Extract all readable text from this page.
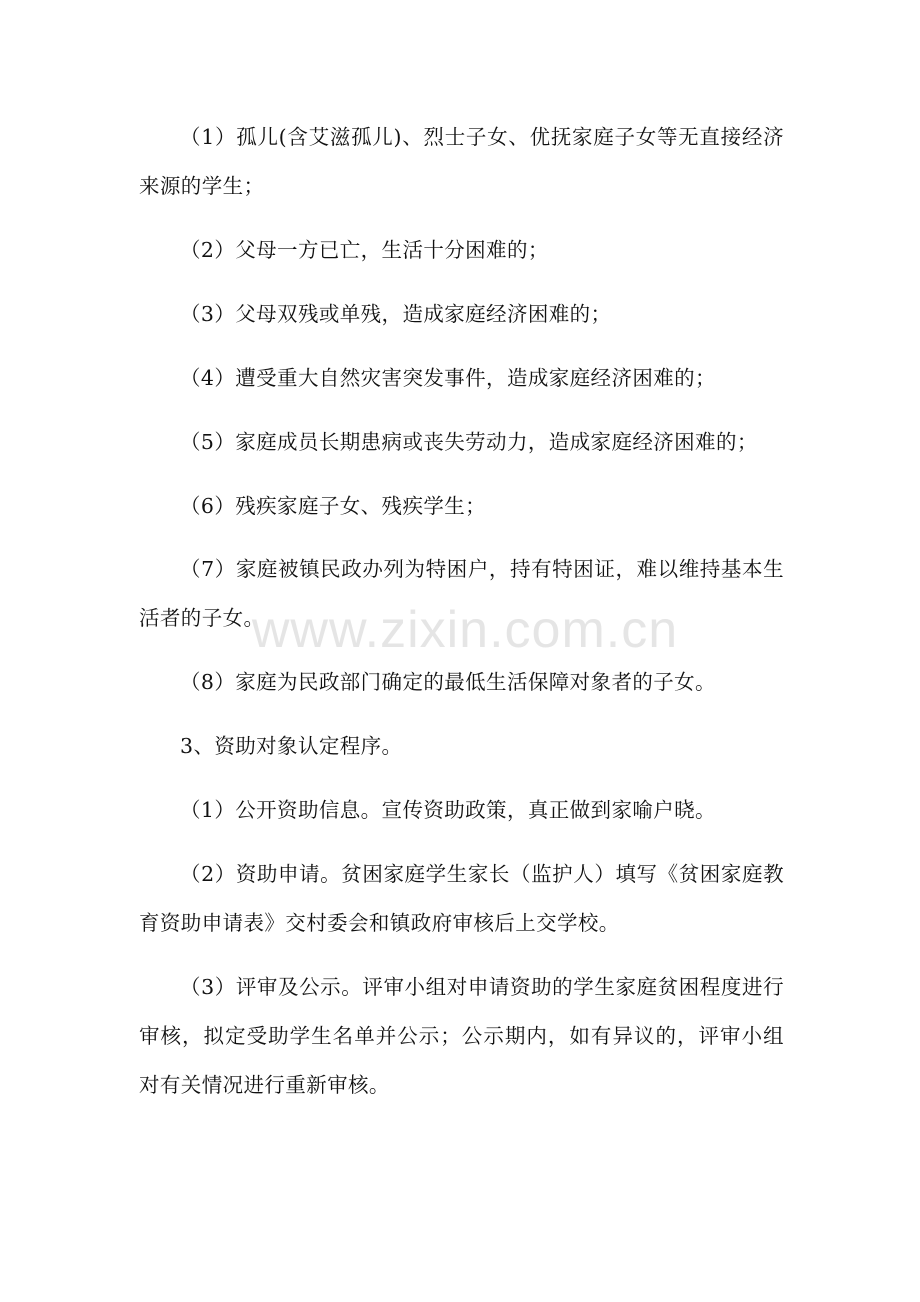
（1）孤儿(含艾滋孤儿)、烈士子女、优抚家庭子女等无直接经济来源的学生；

（2）父母一方已亡，生活十分困难的；

（3）父母双残或单残，造成家庭经济困难的；

（4）遭受重大自然灾害突发事件，造成家庭经济困难的；

（5）家庭成员长期患病或丧失劳动力，造成家庭经济困难的；

（6）残疾家庭子女、残疾学生；

（7）家庭被镇民政办列为特困户，持有特困证，难以维持基本生活者的子女。

（8）家庭为民政部门确定的最低生活保障对象者的子女。

3、资助对象认定程序。

（1）公开资助信息。宣传资助政策，真正做到家喻户晓。

（2）资助申请。贫困家庭学生家长（监护人）填写《贫困家庭教育资助申请表》交村委会和镇政府审核后上交学校。

（3）评审及公示。评审小组对申请资助的学生家庭贫困程度进行审核，拟定受助学生名单并公示；公示期内，如有异议的，评审小组对有关情况进行重新审核。

www.zixin.com.cn
